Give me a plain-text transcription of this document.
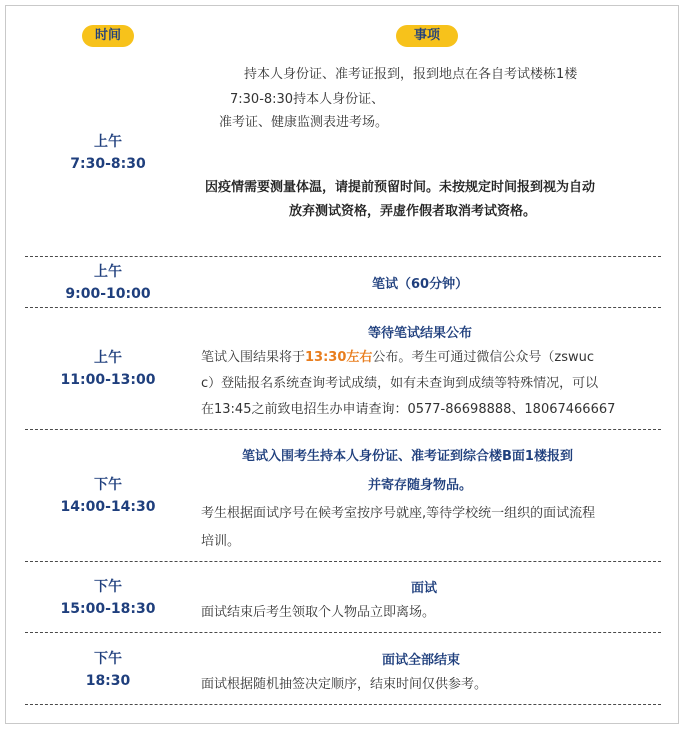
时间	事项
上午
7:30-8:30
持本人身份证、准考证报到，报到地点在各自考试楼栋1楼
7:30-8:30持本人身份证、
准考证、健康监测表进考场。
因疫情需要测量体温，请提前预留时间。未按规定时间报到视为自动
放弃测试资格，弄虚作假者取消考试资格。
上午
9:00-10:00
笔试（60分钟）
上午
11:00-13:00
等待笔试结果公布
笔试入围结果将于13:30左右公布。考生可通过微信公众号（zswuc
c）登陆报名系统查询考试成绩，如有未查询到成绩等特殊情况，可以
在13:45之前致电招生办申请查询：0577-86698888、18067466667
下午
14:00-14:30
笔试入围考生持本人身份证、准考证到综合楼B面1楼报到
并寄存随身物品。
考生根据面试序号在候考室按序号就座,等待学校统一组织的面试流程
培训。
下午
15:00-18:30
面试
面试结束后考生领取个人物品立即离场。
下午
18:30
面试全部结束
面试根据随机抽签决定顺序，结束时间仅供参考。
